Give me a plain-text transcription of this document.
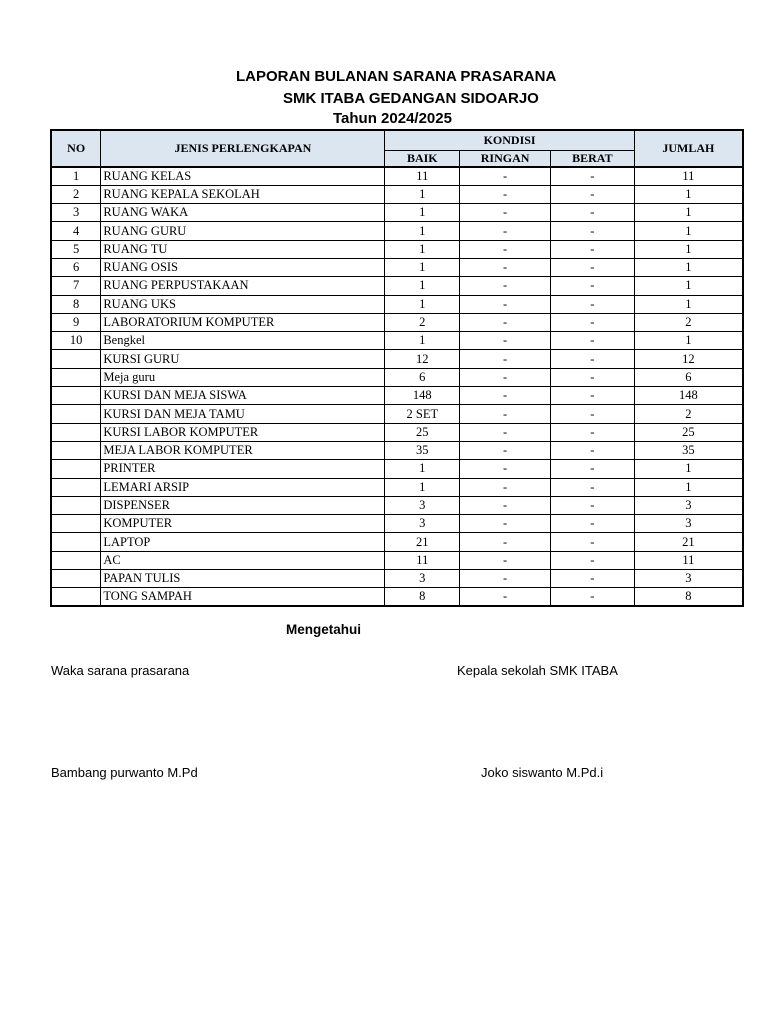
LAPORAN BULANAN SARANA PRASARANA
SMK ITABA GEDANGAN SIDOARJO
Tahun 2024/2025
NO	JENIS PERLENGKAPAN	KONDISI			JUMLAH
		BAIK	RINGAN	BERAT	
1	RUANG KELAS	11	-	-	11
2	RUANG KEPALA SEKOLAH	1	-	-	1
3	RUANG WAKA	1	-	-	1
4	RUANG GURU	1	-	-	1
5	RUANG TU	1	-	-	1
6	RUANG OSIS	1	-	-	1
7	RUANG PERPUSTAKAAN	1	-	-	1
8	RUANG UKS	1	-	-	1
9	LABORATORIUM KOMPUTER	2	-	-	2
10	Bengkel	1	-	-	1
	KURSI GURU	12	-	-	12
	Meja guru	6	-	-	6
	KURSI DAN MEJA SISWA	148	-	-	148
	KURSI DAN MEJA TAMU	2 SET	-	-	2
	KURSI LABOR KOMPUTER	25	-	-	25
	MEJA LABOR KOMPUTER	35	-	-	35
	PRINTER	1	-	-	1
	LEMARI ARSIP	1	-	-	1
	DISPENSER	3	-	-	3
	KOMPUTER	3	-	-	3
	LAPTOP	21	-	-	21
	AC	11	-	-	11
	PAPAN TULIS	3	-	-	3
	TONG SAMPAH	8	-	-	8
Mengetahui
Waka sarana prasarana	Kepala sekolah SMK ITABA
Bambang purwanto M.Pd	Joko siswanto M.Pd.i
